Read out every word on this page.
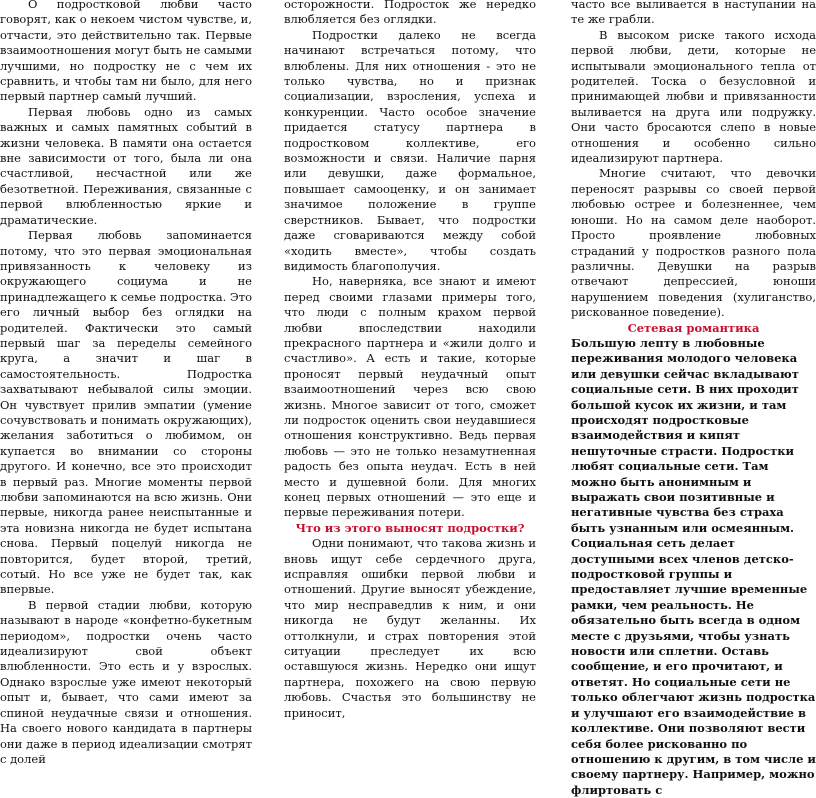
О подростковой любви часто говорят, как о некоем чистом чувстве, и, отчасти, это действительно так. Первые взаимоотношения могут быть не самыми лучшими, но подростку не с чем их сравнить, и чтобы там ни было, для него первый партнер самый лучший.

Первая любовь одно из самых важных и самых памятных событий в жизни человека. В памяти она остается вне зависимости от того, была ли она счастливой, несчастной или же безответной. Переживания, связанные с первой влюбленностью яркие и драматические.

Первая любовь запоминается потому, что это первая эмоциональная привязанность к человеку из окружающего социума и не принадлежащего к семье подростка. Это его личный выбор без оглядки на родителей. Фактически это самый первый шаг за переделы семейного круга, а значит и шаг в самостоятельность. Подростка захватывают небывалой силы эмоции. Он чувствует прилив эмпатии (умение сочувствовать и понимать окружающих), желания заботиться о любимом, он купается во внимании со стороны другого. И конечно, все это происходит в первый раз. Многие моменты первой любви запоминаются на всю жизнь. Они первые, никогда ранее неиспытанные и эта новизна никогда не будет испытана снова. Первый поцелуй никогда не повторится, будет второй, третий, сотый. Но все уже не будет так, как впервые.

В первой стадии любви, которую называют в народе «конфетно-букетным периодом», подростки очень часто идеализируют свой объект влюбленности. Это есть и у взрослых. Однако взрослые уже имеют некоторый опыт и, бывает, что сами имеют за спиной неудачные связи и отношения. На своего нового кандидата в партнеры они даже в период идеализации смотрят с долей

осторожности. Подросток же нередко влюбляется без оглядки.

Подростки далеко не всегда начинают встречаться потому, что влюблены. Для них отношения - это не только чувства, но и признак социализации, взросления, успеха и конкуренции. Часто особое значение придается статусу партнера в подростковом коллективе, его возможности и связи. Наличие парня или девушки, даже формальное, повышает самооценку, и он занимает значимое положение в группе сверстников. Бывает, что подростки даже сговариваются между собой «ходить вместе», чтобы создать видимость благополучия.

Но, наверняка, все знают и имеют перед своими глазами примеры того, что люди с полным крахом первой любви впоследствии находили прекрасного партнера и «жили долго и счастливо». А есть и такие, которые проносят первый неудачный опыт взаимоотношений через всю свою жизнь. Многое зависит от того, сможет ли подросток оценить свои неудавшиеся отношения конструктивно. Ведь первая любовь — это не только незамутненная радость без опыта неудач. Есть в ней место и душевной боли. Для многих конец первых отношений — это еще и первые переживания потери.

Что из этого выносят подростки?

Одни понимают, что такова жизнь и вновь ищут себе сердечного друга, исправляя ошибки первой любви и отношений. Другие выносят убеждение, что мир несправедлив к ним, и они никогда не будут желанны. Их оттолкнули, и страх повторения этой ситуации преследует их всю оставшуюся жизнь. Нередко они ищут партнера, похожего на свою первую любовь. Счастья это большинству не приносит,

часто все выливается в наступании на те же грабли.

В высоком риске такого исхода первой любви, дети, которые не испытывали эмоционального тепла от родителей. Тоска о безусловной и принимающей любви и привязанности выливается на друга или подружку. Они часто бросаются слепо в новые отношения и особенно сильно идеализируют партнера.

Многие считают, что девочки переносят разрывы со своей первой любовью острее и болезненнее, чем юноши. Но на самом деле наоборот. Просто проявление любовных страданий у подростков разного пола различны. Девушки на разрыв отвечают депрессией, юноши нарушением поведения (хулиганство, рискованное поведение).

Сетевая романтика

Большую лепту в любовные переживания молодого человека или девушки сейчас вкладывают социальные сети. В них проходит большой кусок их жизни, и там происходят подростковые взаимодействия и кипят нешуточные страсти. Подростки любят социальные сети. Там можно быть анонимным и выражать свои позитивные и негативные чувства без страха быть узнанным или осмеянным. Социальная сеть делает доступными всех членов детско-подростковой группы и предоставляет лучшие временные рамки, чем реальность. Не обязательно быть всегда в одном месте с друзьями, чтобы узнать новости или сплетни. Оставь сообщение, и его прочитают, и ответят. Но социальные сети не только облегчают жизнь подростка и улучшают его взаимодействие в коллективе. Они позволяют вести себя более рискованно по отношению к другим, в том числе и своему партнеру. Например, можно флиртовать с
